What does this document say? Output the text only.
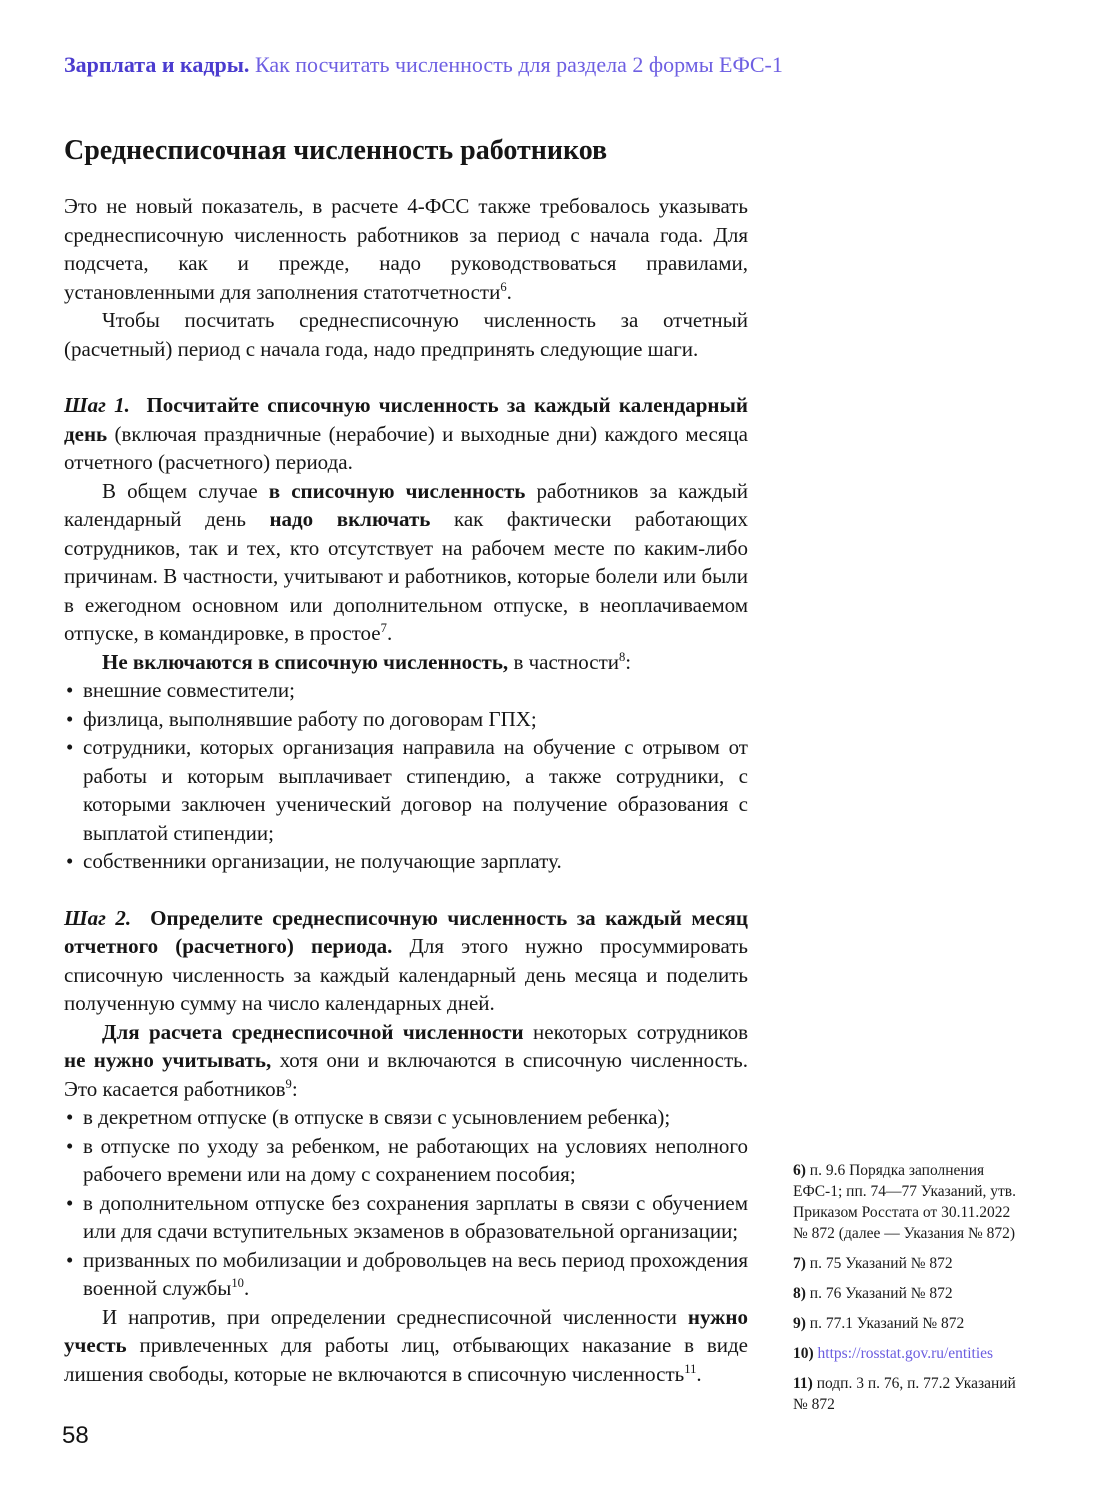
Зарплата и кадры. Как посчитать численность для раздела 2 формы ЕФС-1
Среднесписочная численность работников

Это не новый показатель, в расчете 4-ФСС также требовалось указывать среднесписочную численность работников за период с начала года. Для подсчета, как и прежде, надо руководствоваться правилами, установленными для заполнения статотчетности$^6$.

Чтобы посчитать среднесписочную численность за отчетный (расчетный) период с начала года, надо предпринять следующие шаги.

Шаг 1. Посчитайте списочную численность за каждый календарный день (включая праздничные (нерабочие) и выходные дни) каждого месяца отчетного (расчетного) периода.

В общем случае в списочную численность работников за каждый календарный день надо включать как фактически работающих сотрудников, так и тех, кто отсутствует на рабочем месте по каким-либо причинам. В частности, учитывают и работников, которые болели или были в ежегодном основном или дополнительном отпуске, в неоплачиваемом отпуске, в командировке, в простое$^7$.

Не включаются в списочную численность, в частности$^8$:

• внешние совместители;
• физлица, выполнявшие работу по договорам ГПХ;
• сотрудники, которых организация направила на обучение с отрывом от работы и которым выплачивает стипендию, а также сотрудники, с которыми заключен ученический договор на получение образования с выплатой стипендии;
• собственники организации, не получающие зарплату.

Шаг 2. Определите среднесписочную численность за каждый месяц отчетного (расчетного) периода. Для этого нужно просуммировать списочную численность за каждый календарный день месяца и поделить полученную сумму на число календарных дней.

Для расчета среднесписочной численности некоторых сотрудников не нужно учитывать, хотя они и включаются в списочную численность. Это касается работников$^9$:

• в декретном отпуске (в отпуске в связи с усыновлением ребенка);
• в отпуске по уходу за ребенком, не работающих на условиях неполного рабочего времени или на дому с сохранением пособия;
• в дополнительном отпуске без сохранения зарплаты в связи с обучением или для сдачи вступительных экзаменов в образовательной организации;
• призванных по мобилизации и добровольцев на весь период прохождения военной службы$^{10}$.

И напротив, при определении среднесписочной численности нужно учесть привлеченных для работы лиц, отбывающих наказание в виде лишения свободы, которые не включаются в списочную численность$^{11}$.

6) п. 9.6 Порядка заполнения ЕФС-1; пп. 74—77 Указаний, утв. Приказом Росстата от 30.11.2022 № 872 (далее — Указания № 872)
7) п. 75 Указаний № 872
8) п. 76 Указаний № 872
9) п. 77.1 Указаний № 872
10) https://rosstat.gov.ru/entities
11) подп. 3 п. 76, п. 77.2 Указаний № 872
58
